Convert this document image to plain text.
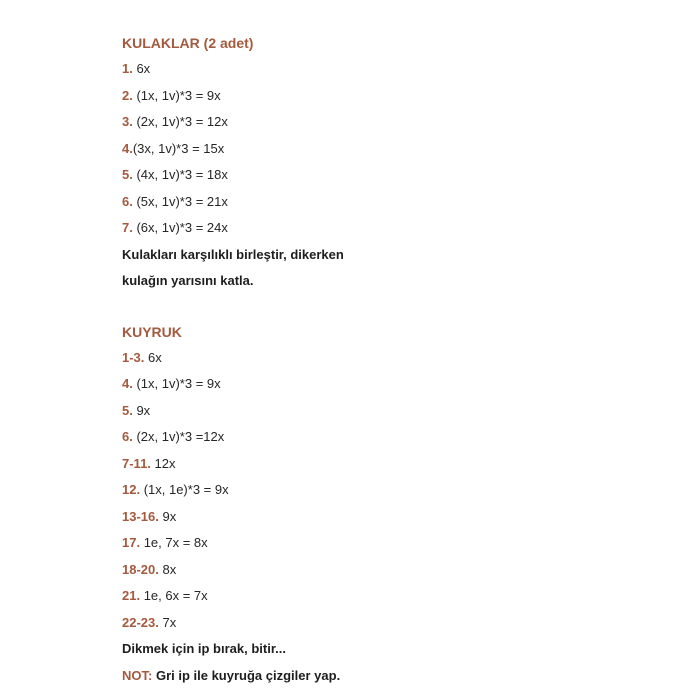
KULAKLAR (2 adet)
1. 6x
2. (1x, 1v)*3 = 9x
3. (2x, 1v)*3 = 12x
4.(3x, 1v)*3 = 15x
5. (4x, 1v)*3 = 18x
6. (5x, 1v)*3 = 21x
7. (6x, 1v)*3 = 24x
Kulakları karşılıklı birleştir, dikerken
kulağın yarısını katla.
KUYRUK
1-3. 6x
4. (1x, 1v)*3 = 9x
5. 9x
6. (2x, 1v)*3 =12x
7-11. 12x
12. (1x, 1e)*3 = 9x
13-16. 9x
17. 1e, 7x = 8x
18-20. 8x
21. 1e, 6x = 7x
22-23. 7x
Dikmek için ip bırak, bitir...
NOT: Gri ip ile kuyruğa çizgiler yap.
